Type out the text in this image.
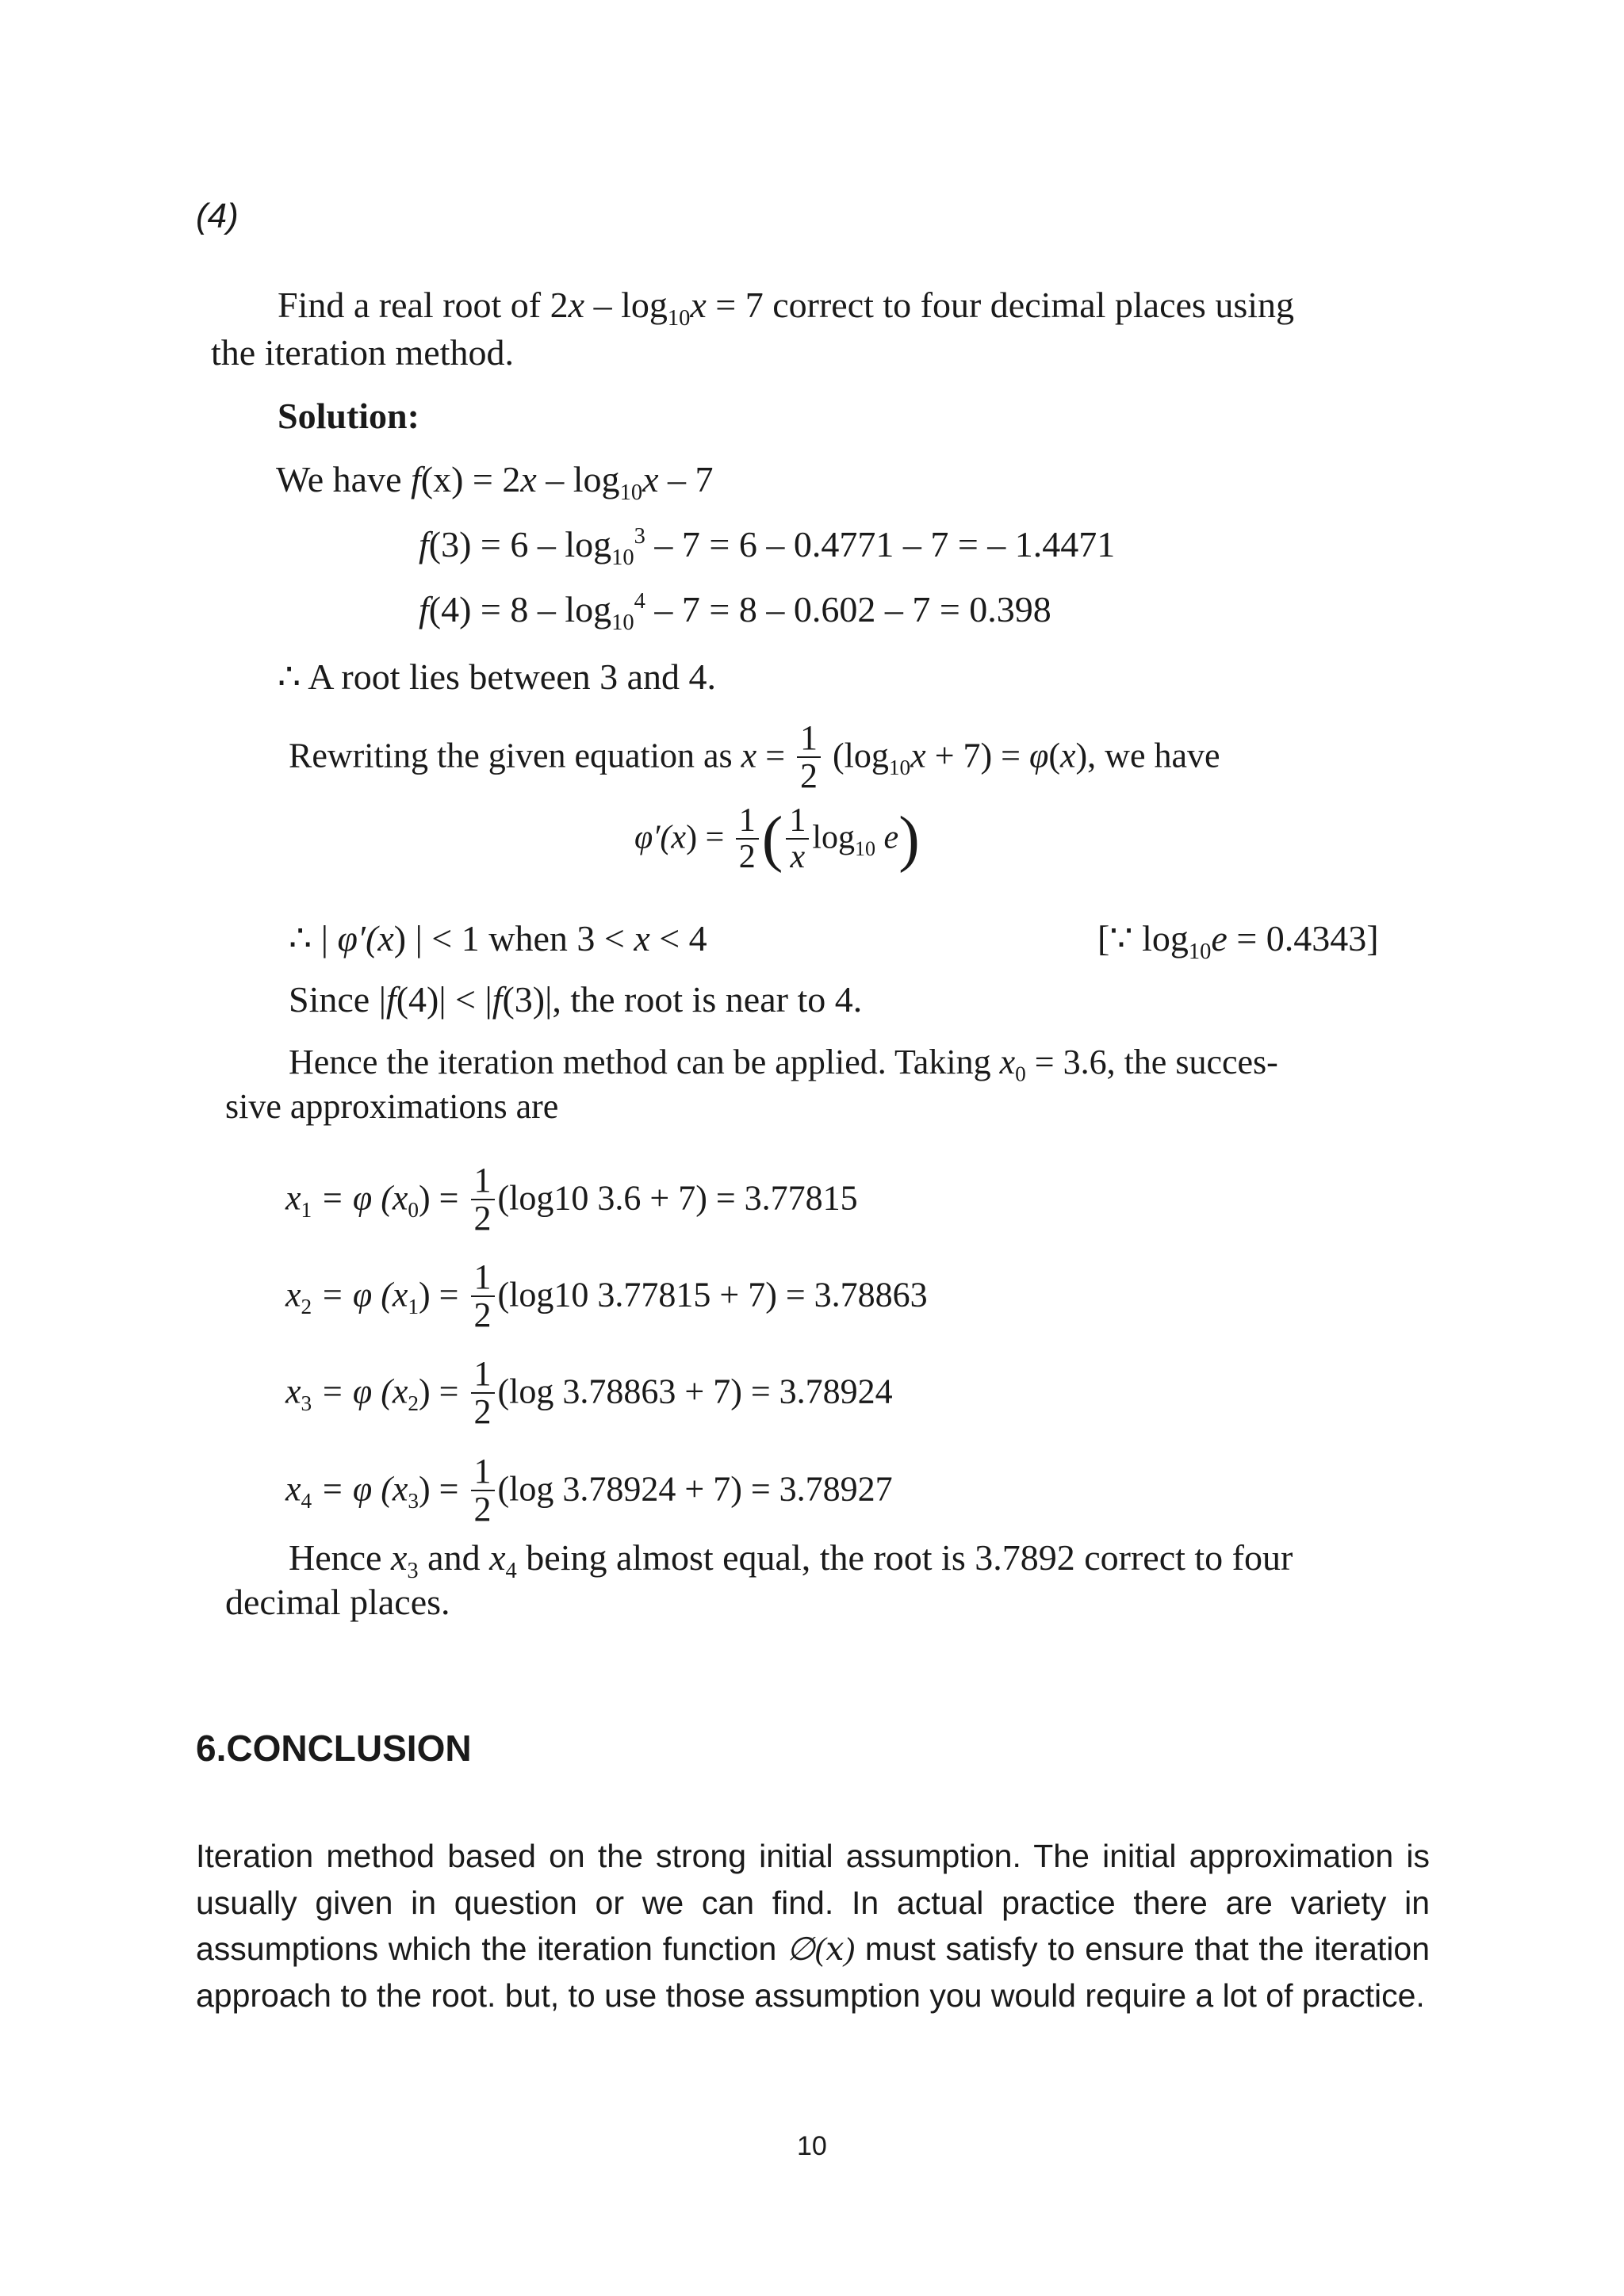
(4)
Find a real root of $2x - \log_{10}x = 7$ correct to four decimal places using
the iteration method.
Solution:
We have $f(x) = 2x - \log_{10}x - 7$
$f(3) = 6 - \log_{10}^3 - 7 = 6 - 0.4771 - 7$ = – 1.4471
$f(4) = 8 - \log_{10}^4 - 7 = 8 - 0.602 - 7 = 0.398$
∴ A root lies between 3 and 4.
Rewriting the given equation as $x = \frac{1}{2} (\log_{10}x + 7) = \varphi(x)$, we have
$\varphi'(x) = \frac{1}{2}$ ( $\frac{1}{x} \log_{10} e$)
∴ | φ′(x) | < 1 when 3 < x < 4	[∵ $\log_{10}e = 0.4343$]
Since |f(4)| < |f(3)|, the root is near to 4.
Hence the iteration method can be applied. Taking $x_0 = 3.6$, the succes-
sive approximations are
$x_1 = \varphi$ $(x_0) = \frac{1}{2} (\log 10$ 3.6 + 7) = 3.77815
$x_2 = \varphi$ $(x_1) = \frac{1}{2} (\log 10$ 3.77815 + 7) = 3.78863
$x_3 = \varphi$ $(x_2) = \frac{1}{2} (\log$ 3.78863 + 7) = 3.78924
$x_4 = \varphi$ $(x_3) = \frac{1}{2} (\log$ 3.78924 + 7) = 3.78927
Hence $x_3$ and $x_4$ being almost equal, the root is 3.7892 correct to four
decimal places.
6.CONCLUSION
Iteration method based on the strong initial assumption. The initial approximation is usually given in question or we can find. In actual practice there are variety in assumptions which the iteration function ∅(𝑥) must satisfy to ensure that the iteration approach to the root. but, to use those assumption you would require a lot of practice.
10
